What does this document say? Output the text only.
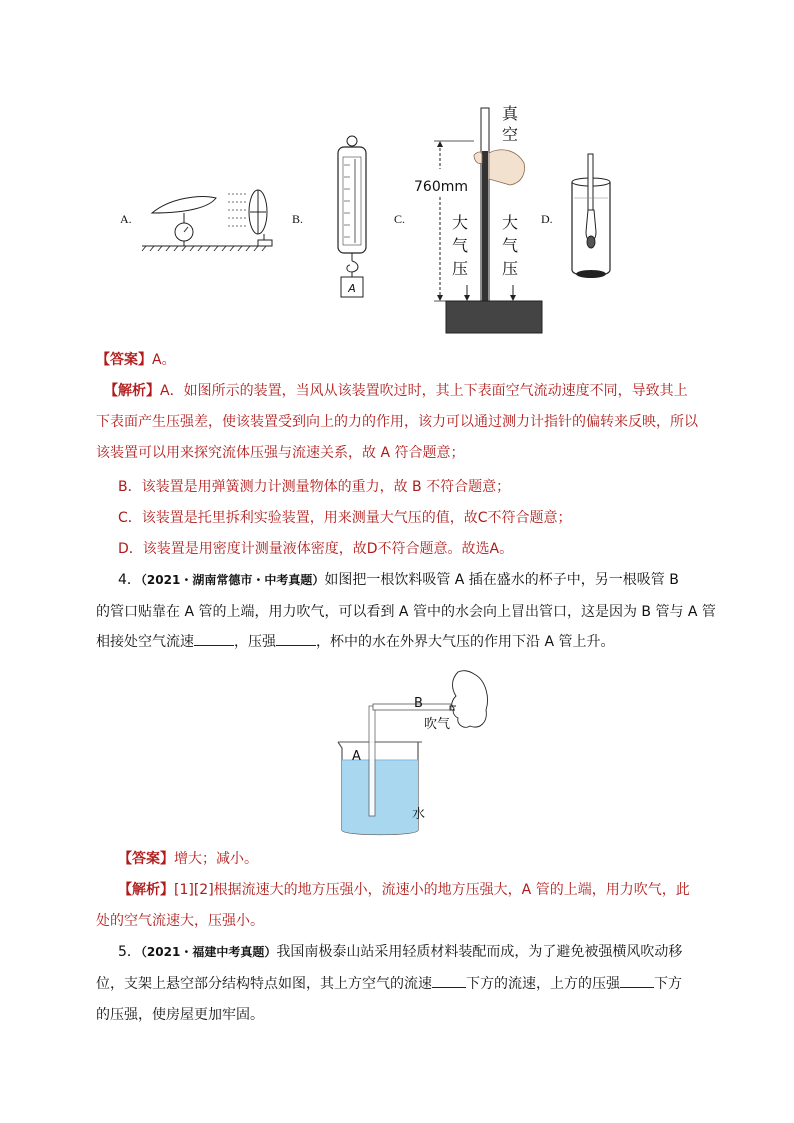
A.	B.
A
C.
真
空
760mm
大
气
压
大
气
压
D.
【答案】A。
【解析】A．如图所示的装置，当风从该装置吹过时，其上下表面空气流动速度不同，导致其上
下表面产生压强差，使该装置受到向上的力的作用，该力可以通过测力计指针的偏转来反映，所以
该装置可以用来探究流体压强与流速关系，故 A 符合题意；
B．该装置是用弹簧测力计测量物体的重力，故 B 不符合题意；
C．该装置是托里拆利实验装置，用来测量大气压的值，故C不符合题意；
D．该装置是用密度计测量液体密度，故D不符合题意。故选A。
4．（2021・湖南常德市・中考真题）如图把一根饮料吸管 A 插在盛水的杯子中，另一根吸管 B
的管口贴靠在 A 管的上端，用力吹气，可以看到 A 管中的水会向上冒出管口，这是因为 B 管与 A 管
相接处空气流速	，压强	，杯中的水在外界大气压的作用下沿 A 管上升。
B
吹气
A
水
【答案】增大；减小。
【解析】[1][2]根据流速大的地方压强小，流速小的地方压强大，A 管的上端，用力吹气，此
处的空气流速大，压强小。
5．（2021・福建中考真题）我国南极泰山站采用轻质材料装配而成，为了避免被强横风吹动移
位，支架上悬空部分结构特点如图，其上方空气的流速 下方的流速，上方的压强 下方
的压强，使房屋更加牢固。
